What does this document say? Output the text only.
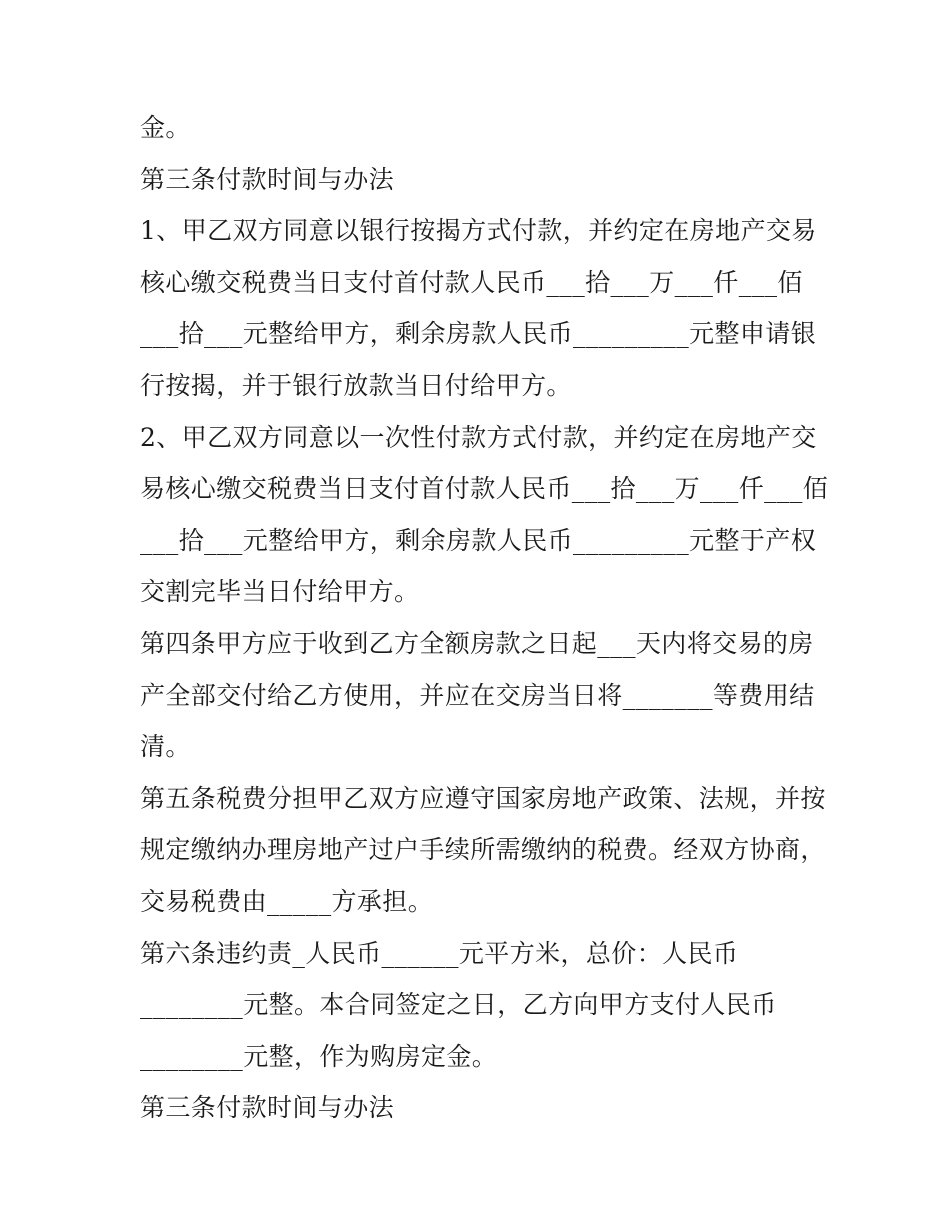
金。
第三条付款时间与办法
1、甲乙双方同意以银行按揭方式付款，并约定在房地产交易
核心缴交税费当日支付首付款人民币___拾___万___仟___佰
___拾___元整给甲方，剩余房款人民币_________元整申请银
行按揭，并于银行放款当日付给甲方。
2、甲乙双方同意以一次性付款方式付款，并约定在房地产交
易核心缴交税费当日支付首付款人民币___拾___万___仟___佰
___拾___元整给甲方，剩余房款人民币_________元整于产权
交割完毕当日付给甲方。
第四条甲方应于收到乙方全额房款之日起___天内将交易的房
产全部交付给乙方使用，并应在交房当日将_______等费用结
清。
第五条税费分担甲乙双方应遵守国家房地产政策、法规，并按
规定缴纳办理房地产过户手续所需缴纳的税费。经双方协商，
交易税费由_____方承担。
第六条违约责_人民币______元平方米，总价：人民币
________元整。本合同签定之日，乙方向甲方支付人民币
________元整，作为购房定金。
第三条付款时间与办法
